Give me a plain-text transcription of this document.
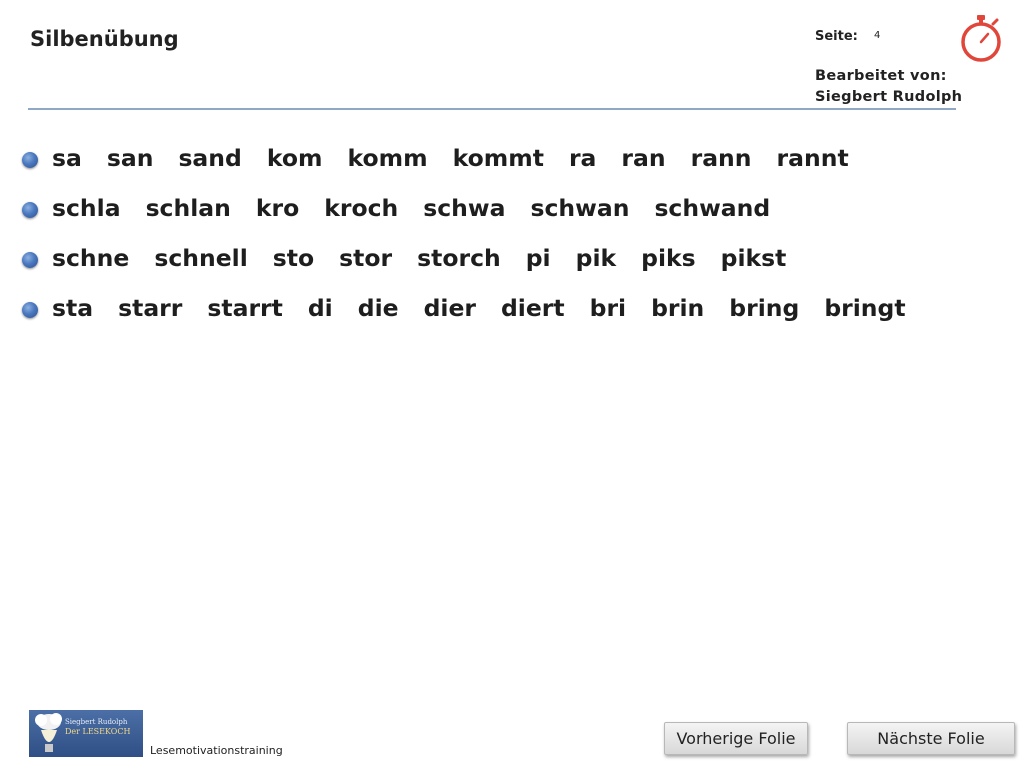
Silbenübung	Seite: 4
Bearbeitet von:
Siegbert Rudolph
sa san sand kom komm kommt ra ran rann rannt
schla schlan kro kroch schwa schwan schwand
schne schnell sto stor storch pi pik piks pikst
sta starr starrt di die dier diert bri brin bring bringt
Siegbert Rudolph
Der LESEKOCH
Lesemotivationstraining
Vorherige Folie	Nächste Folie
